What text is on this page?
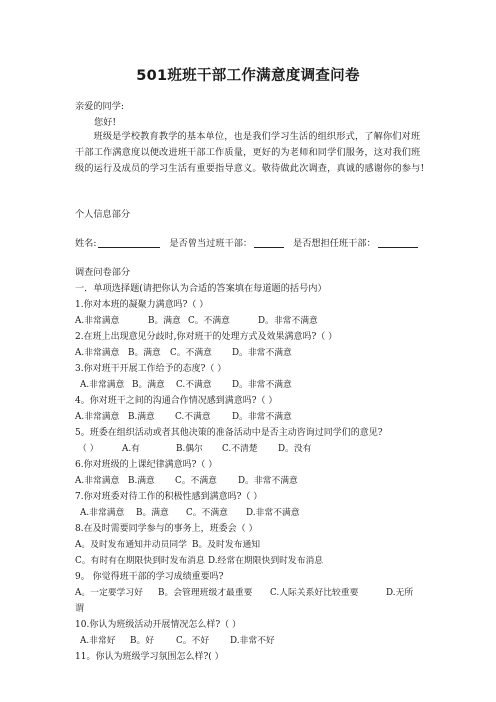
501班班干部工作满意度调查问卷
亲爱的同学:
您好!
班级是学校教育教学的基本单位，也是我们学习生活的组织形式，了解你们对班干部工作满意度以便改进班干部工作质量，更好的为老师和同学们服务，这对我们班级的运行及成员的学习生活有重要指导意义。敬待做此次调查，真诚的感谢你的参与!
个人信息部分
姓名:	是否曾当过班干部：	是否想担任班干部：
调查问卷部分
一．单项选择题(请把你认为合适的答案填在每道题的括号内）
1.你对本班的凝聚力满意吗?（ ）
A.非常满意	B。满意 C。不满意	D。非常不满意
2.在班上出现意见分歧时,你对班干的处理方式及效果满意吗?（ ）
A.非常满意 B。满意 C。不满意 D。非常不满意
3.你对班干开展工作给予的态度?（ ）
A.非常满意 B。满意 C.不满意 D。非常不满意
4。你对班干之间的沟通合作情况感到满意吗?（ ）
A.非常满意 B.满意 C.不满意 D。非常不满意
5。班委在组织活动或者其他决策的准备活动中是否主动咨询过同学们的意见?
（ ）	A.有	B.偶尔 C.不清楚 D。没有
6.你对班级的上课纪律满意吗?（ ）
A.非常满意 B.满意 C。不满意 D。非常不满意
7.你对班委对待工作的积极性感到满意吗?（ ）
A.非常满意 B。满意 C。不满意 D.非常不满意
8.在及时需要同学参与的事务上，班委会（ ）
A。及时发布通知并动员同学 B。及时发布通知
C。有时有在期限快到时发布消息 D.经常在期限快到时发布消息
9。 你觉得班干部的学习成绩重要吗?
A。一定要学习好 B。会管理班级才最重要 C.人际关系好比较重要	D.无所
谓
10.你认为班级活动开展情况怎么样?（ ）
A.非常好 B。好 C。不好 D.非常不好
11。你认为班级学习氛围怎么样?( ）
